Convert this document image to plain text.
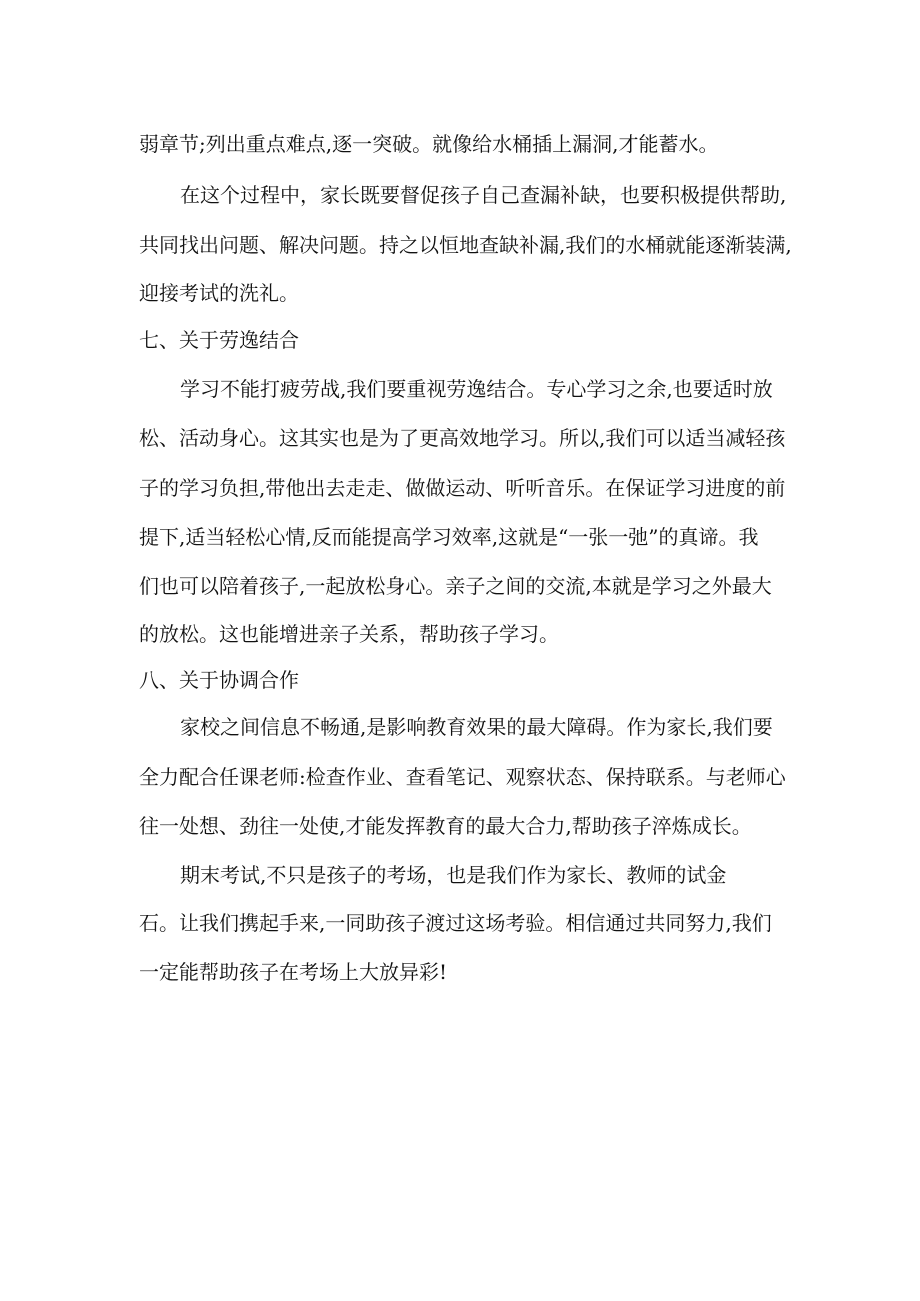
弱章节;列出重点难点,逐一突破。就像给水桶插上漏洞,才能蓄水。
在这个过程中，家长既要督促孩子自己查漏补缺，也要积极提供帮助,
共同找出问题、解决问题。持之以恒地查缺补漏,我们的水桶就能逐渐装满,
迎接考试的洗礼。
七、关于劳逸结合
学习不能打疲劳战,我们要重视劳逸结合。专心学习之余,也要适时放
松、活动身心。这其实也是为了更高效地学习。所以,我们可以适当减轻孩
子的学习负担,带他出去走走、做做运动、听听音乐。在保证学习进度的前
提下,适当轻松心情,反而能提高学习效率,这就是“一张一弛”的真谛。我
们也可以陪着孩子,一起放松身心。亲子之间的交流,本就是学习之外最大
的放松。这也能增进亲子关系，帮助孩子学习。
八、关于协调合作
家校之间信息不畅通,是影响教育效果的最大障碍。作为家长,我们要
全力配合任课老师:检查作业、查看笔记、观察状态、保持联系。与老师心
往一处想、劲往一处使,才能发挥教育的最大合力,帮助孩子淬炼成长。
期末考试,不只是孩子的考场，也是我们作为家长、教师的试金
石。让我们携起手来,一同助孩子渡过这场考验。相信通过共同努力,我们
一定能帮助孩子在考场上大放异彩!
